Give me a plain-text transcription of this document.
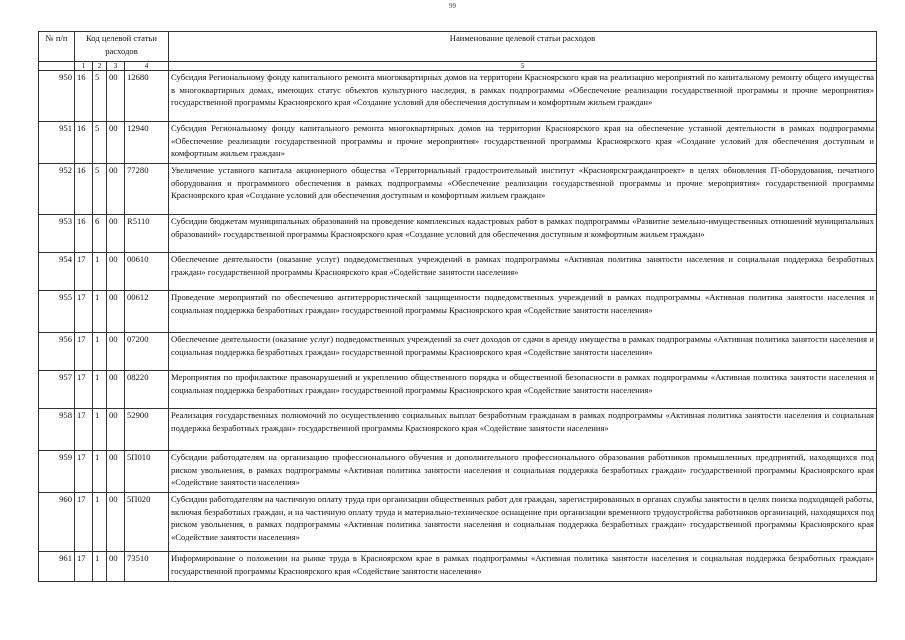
99
№ п/п	Код целевой статьи расходов				Наименование целевой статьи расходов

	1	2	3	4	5
950	16	5	00	12680	Субсидия Региональному фонду капитального ремонта многоквартирных домов на территории Красноярского края на реализацию мероприятий по капитальному ремонту общего имущества в многоквартирных домах, имеющих статус объектов культурного наследия, в рамках подпрограммы «Обеспечение реализации государственной программы и прочие мероприятия» государственной программы Красноярского края «Создание условий для обеспечения доступным и комфортным жильем граждан»
951	16	5	00	12940	Субсидия Региональному фонду капитального ремонта многоквартирных домов на территории Красноярского края на обеспечение уставной деятельности в рамках подпрограммы «Обеспечение реализации государственной программы и прочие мероприятия» государственной программы Красноярского края «Создание условий для обеспечения доступным и комфортным жильем граждан»
952	16	5	00	77280	Увеличение уставного капитала акционерного общества «Территориальный градостроительный институт «Красноярскгражданпроект» в целях обновления IT-оборудования, печатного оборудования и программного обеспечения в рамках подпрограммы «Обеспечение реализации государственной программы и прочие мероприятия» государственной программы Красноярского края «Создание условий для обеспечения доступным и комфортным жильем граждан»
953	16	6	00	R5110	Субсидии бюджетам муниципальных образований на проведение комплексных кадастровых работ в рамках подпрограммы «Развитие земельно-имущественных отношений муниципальных образований» государственной программы Красноярского края «Создание условий для обеспечения доступным и комфортным жильем граждан»
954	17	1	00	00610	Обеспечение деятельности (оказание услуг) подведомственных учреждений в рамках подпрограммы «Активная политика занятости населения и социальная поддержка безработных граждан» государственной программы Красноярского края «Содействие занятости населения»
955	17	1	00	00612	Проведение мероприятий по обеспечению антитеррористической защищенности подведомственных учреждений в рамках подпрограммы «Активная политика занятости населения и социальная поддержка безработных граждан» государственной программы Красноярского края «Содействие занятости населения»
956	17	1	00	07200	Обеспечение деятельности (оказание услуг) подведомственных учреждений за счет доходов от сдачи в аренду имущества в рамках подпрограммы «Активная политика занятости населения и социальная поддержка безработных граждан» государственной программы Красноярского края «Содействие занятости населения»
957	17	1	00	08220	Мероприятия по профилактике правонарушений и укреплению общественного порядка и общественной безопасности в рамках подпрограммы «Активная политика занятости населения и социальная поддержка безработных граждан» государственной программы Красноярского края «Содействие занятости населения»
958	17	1	00	52900	Реализация государственных полномочий по осуществлению социальных выплат безработным гражданам в рамках подпрограммы «Активная политика занятости населения и социальная поддержка безработных граждан» государственной программы Красноярского края «Содействие занятости населения»
959	17	1	00	5П010	Субсидии работодателям на организацию профессионального обучения и дополнительного профессионального образования работников промышленных предприятий, находящихся под риском увольнения, в рамках подпрограммы «Активная политика занятости населения и социальная поддержка безработных граждан» государственной программы Красноярского края «Содействие занятости населения»
960	17	1	00	5П020	Субсидии работодателям на частичную оплату труда при организации общественных работ для граждан, зарегистрированных в органах службы занятости в целях поиска подходящей работы, включая безработных граждан, и на частичную оплату труда и материально-техническое оснащение при организации временного трудоустройства работников организаций, находящихся под риском увольнения, в рамках подпрограммы «Активная политика занятости населения и социальная поддержка безработных граждан» государственной программы Красноярского края «Содействие занятости населения»
961	17	1	00	73510	Информирование о положении на рынке труда в Красноярском крае в рамках подпрограммы «Активная политика занятости населения и социальная поддержка безработных граждан» государственной программы Красноярского края «Содействие занятости населения»
